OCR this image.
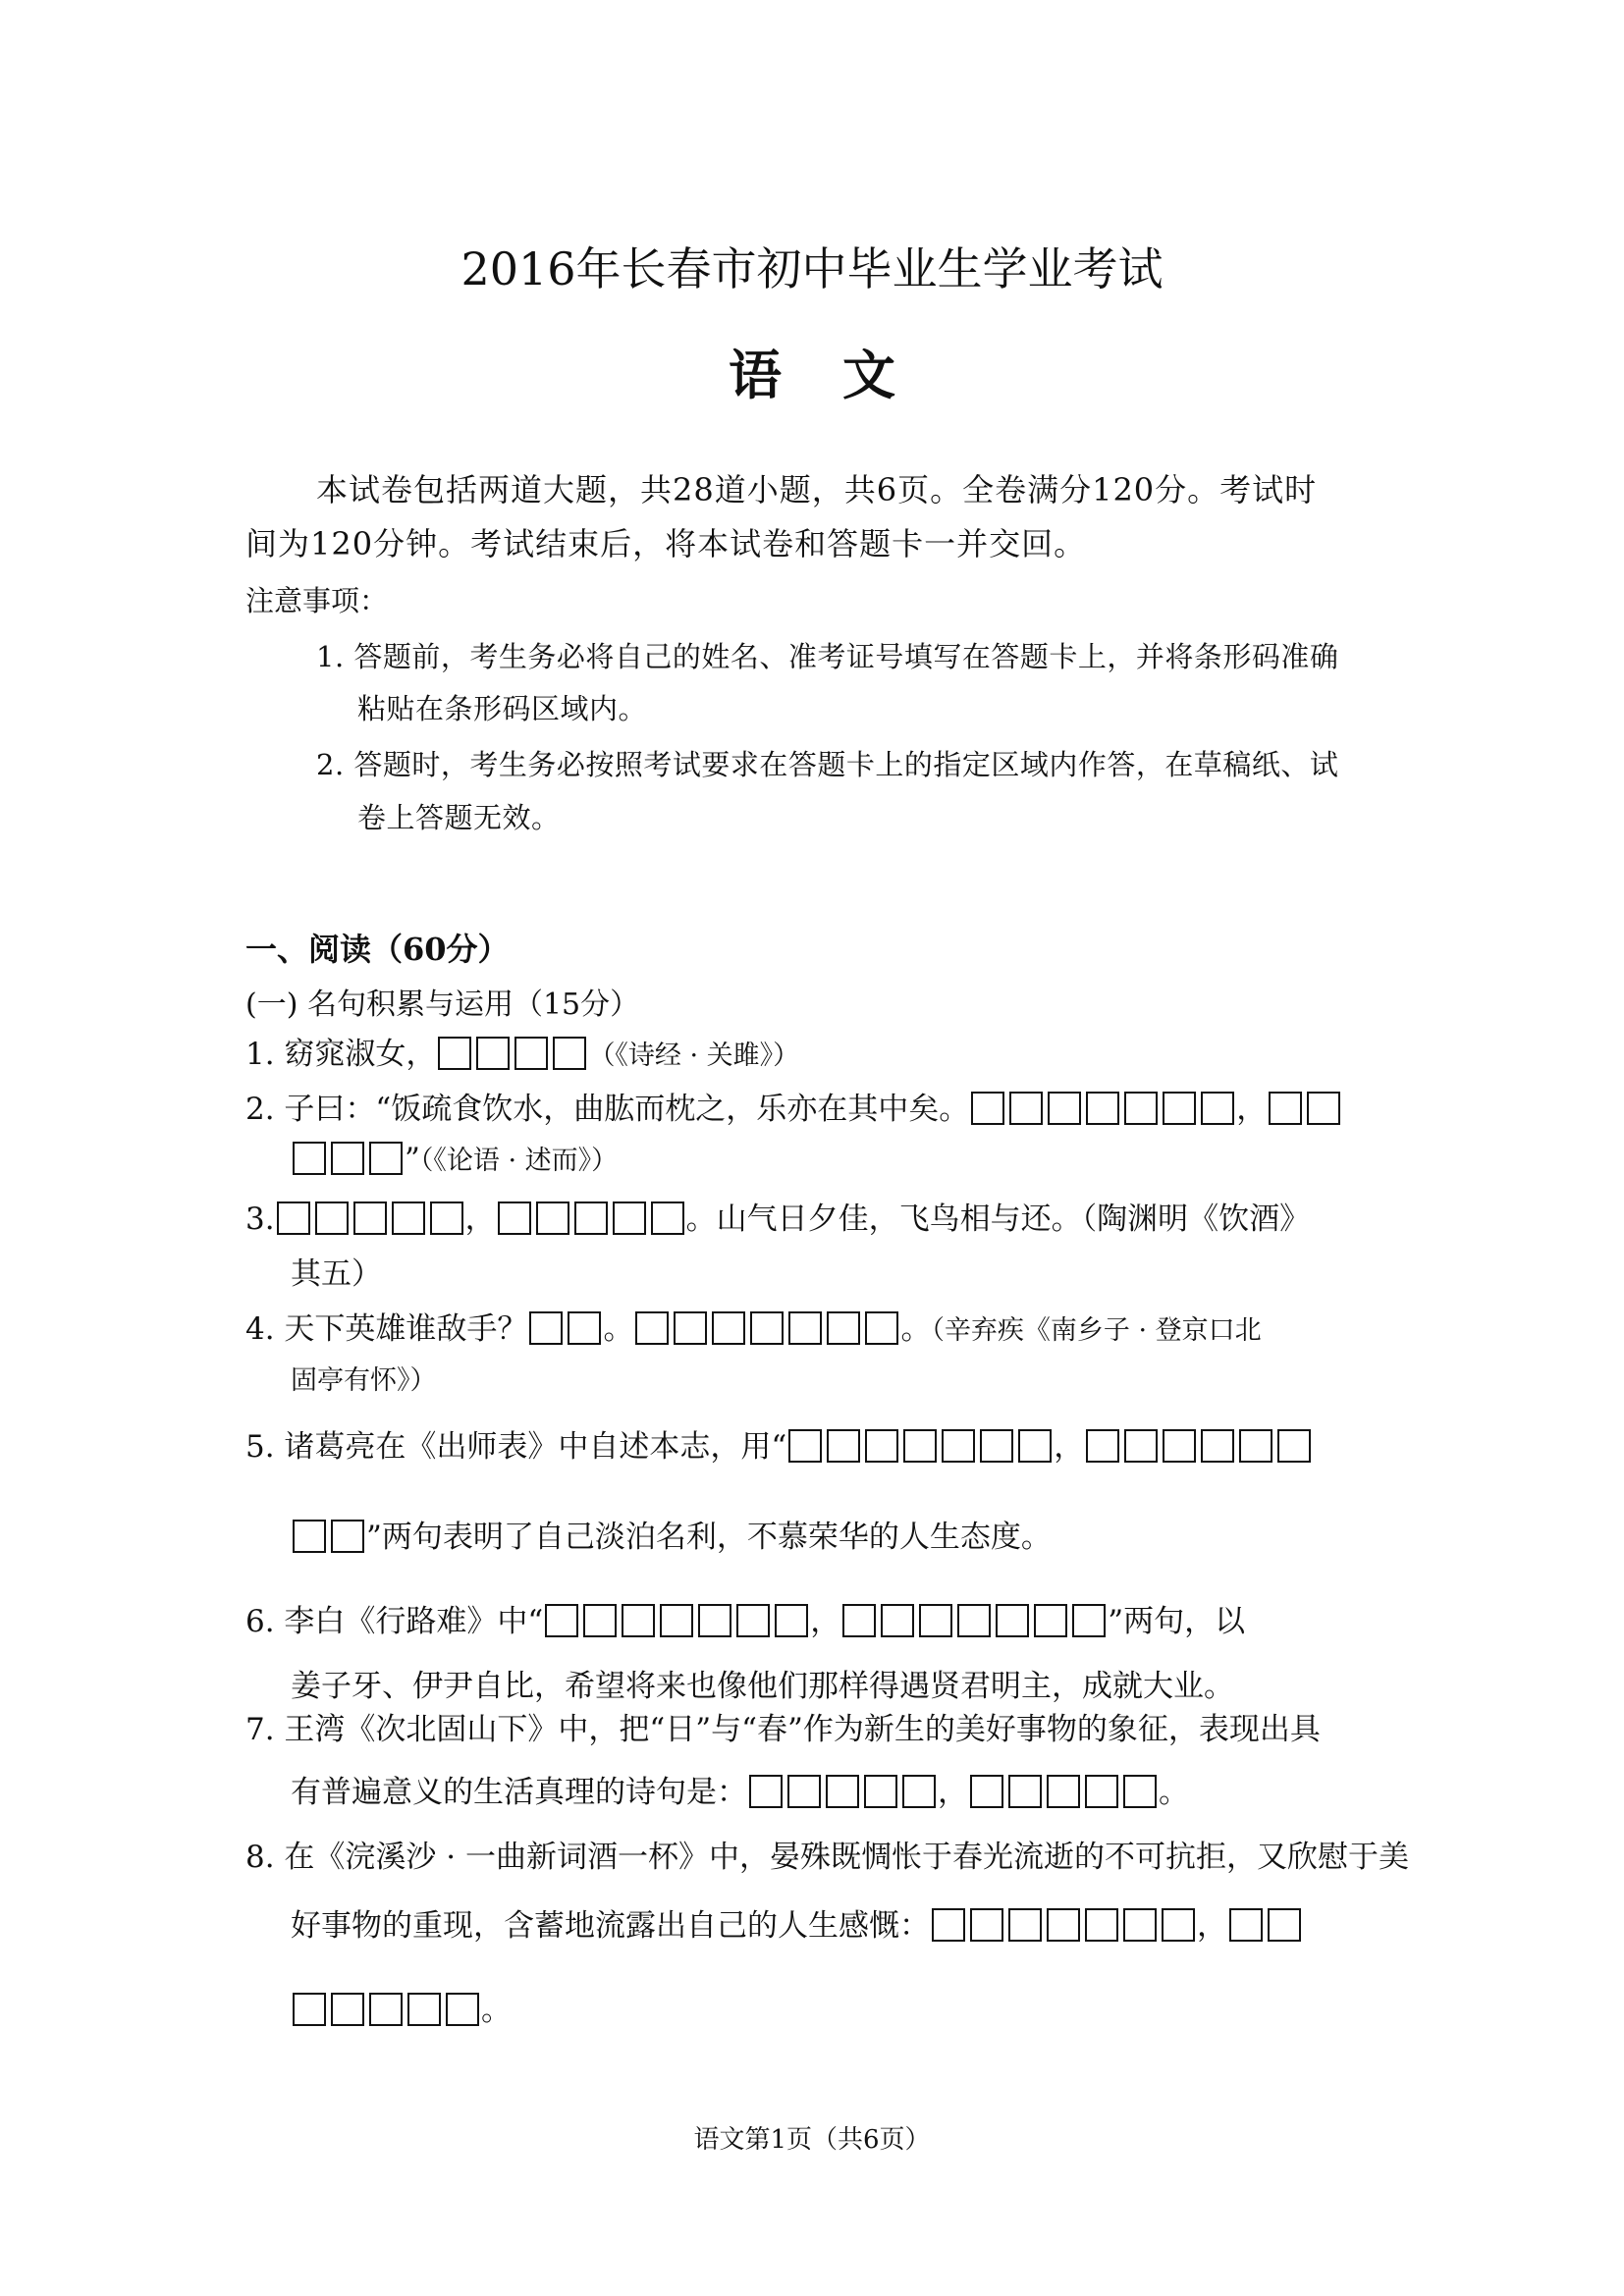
2016年长春市初中毕业生学业考试
语文
本试卷包括两道大题，共28道小题，共6页。全卷满分120分。考试时
间为120分钟。考试结束后，将本试卷和答题卡一并交回。
注意事项：
1. 答题前，考生务必将自己的姓名、准考证号填写在答题卡上，并将条形码准确
粘贴在条形码区域内。
2. 答题时，考生务必按照考试要求在答题卡上的指定区域内作答，在草稿纸、试
卷上答题无效。
一、阅读（60分）
(一) 名句积累与运用（15分）
1. 窈窕淑女，	（《诗经 · 关雎》）
2. 子曰：“饭疏食饮水，曲肱而枕之，乐亦在其中矣。	，
”（《论语 · 述而》）
3.	，	。山气日夕佳，飞鸟相与还。（陶渊明《饮酒》
其五）
4. 天下英雄谁敌手？ 。	。（辛弃疾《南乡子 · 登京口北
固亭有怀》）
5. 诸葛亮在《出师表》中自述本志，用“	，
”两句表明了自己淡泊名利，不慕荣华的人生态度。
6. 李白《行路难》中“	，	”两句，以
姜子牙、伊尹自比，希望将来也像他们那样得遇贤君明主，成就大业。
7. 王湾《次北固山下》中，把“日”与“春”作为新生的美好事物的象征，表现出具
有普遍意义的生活真理的诗句是：	，	。
8. 在《浣溪沙 · 一曲新词酒一杯》中，晏殊既惆怅于春光流逝的不可抗拒，又欣慰于美
好事物的重现，含蓄地流露出自己的人生感慨：	，
。
语文第1页（共6页）
